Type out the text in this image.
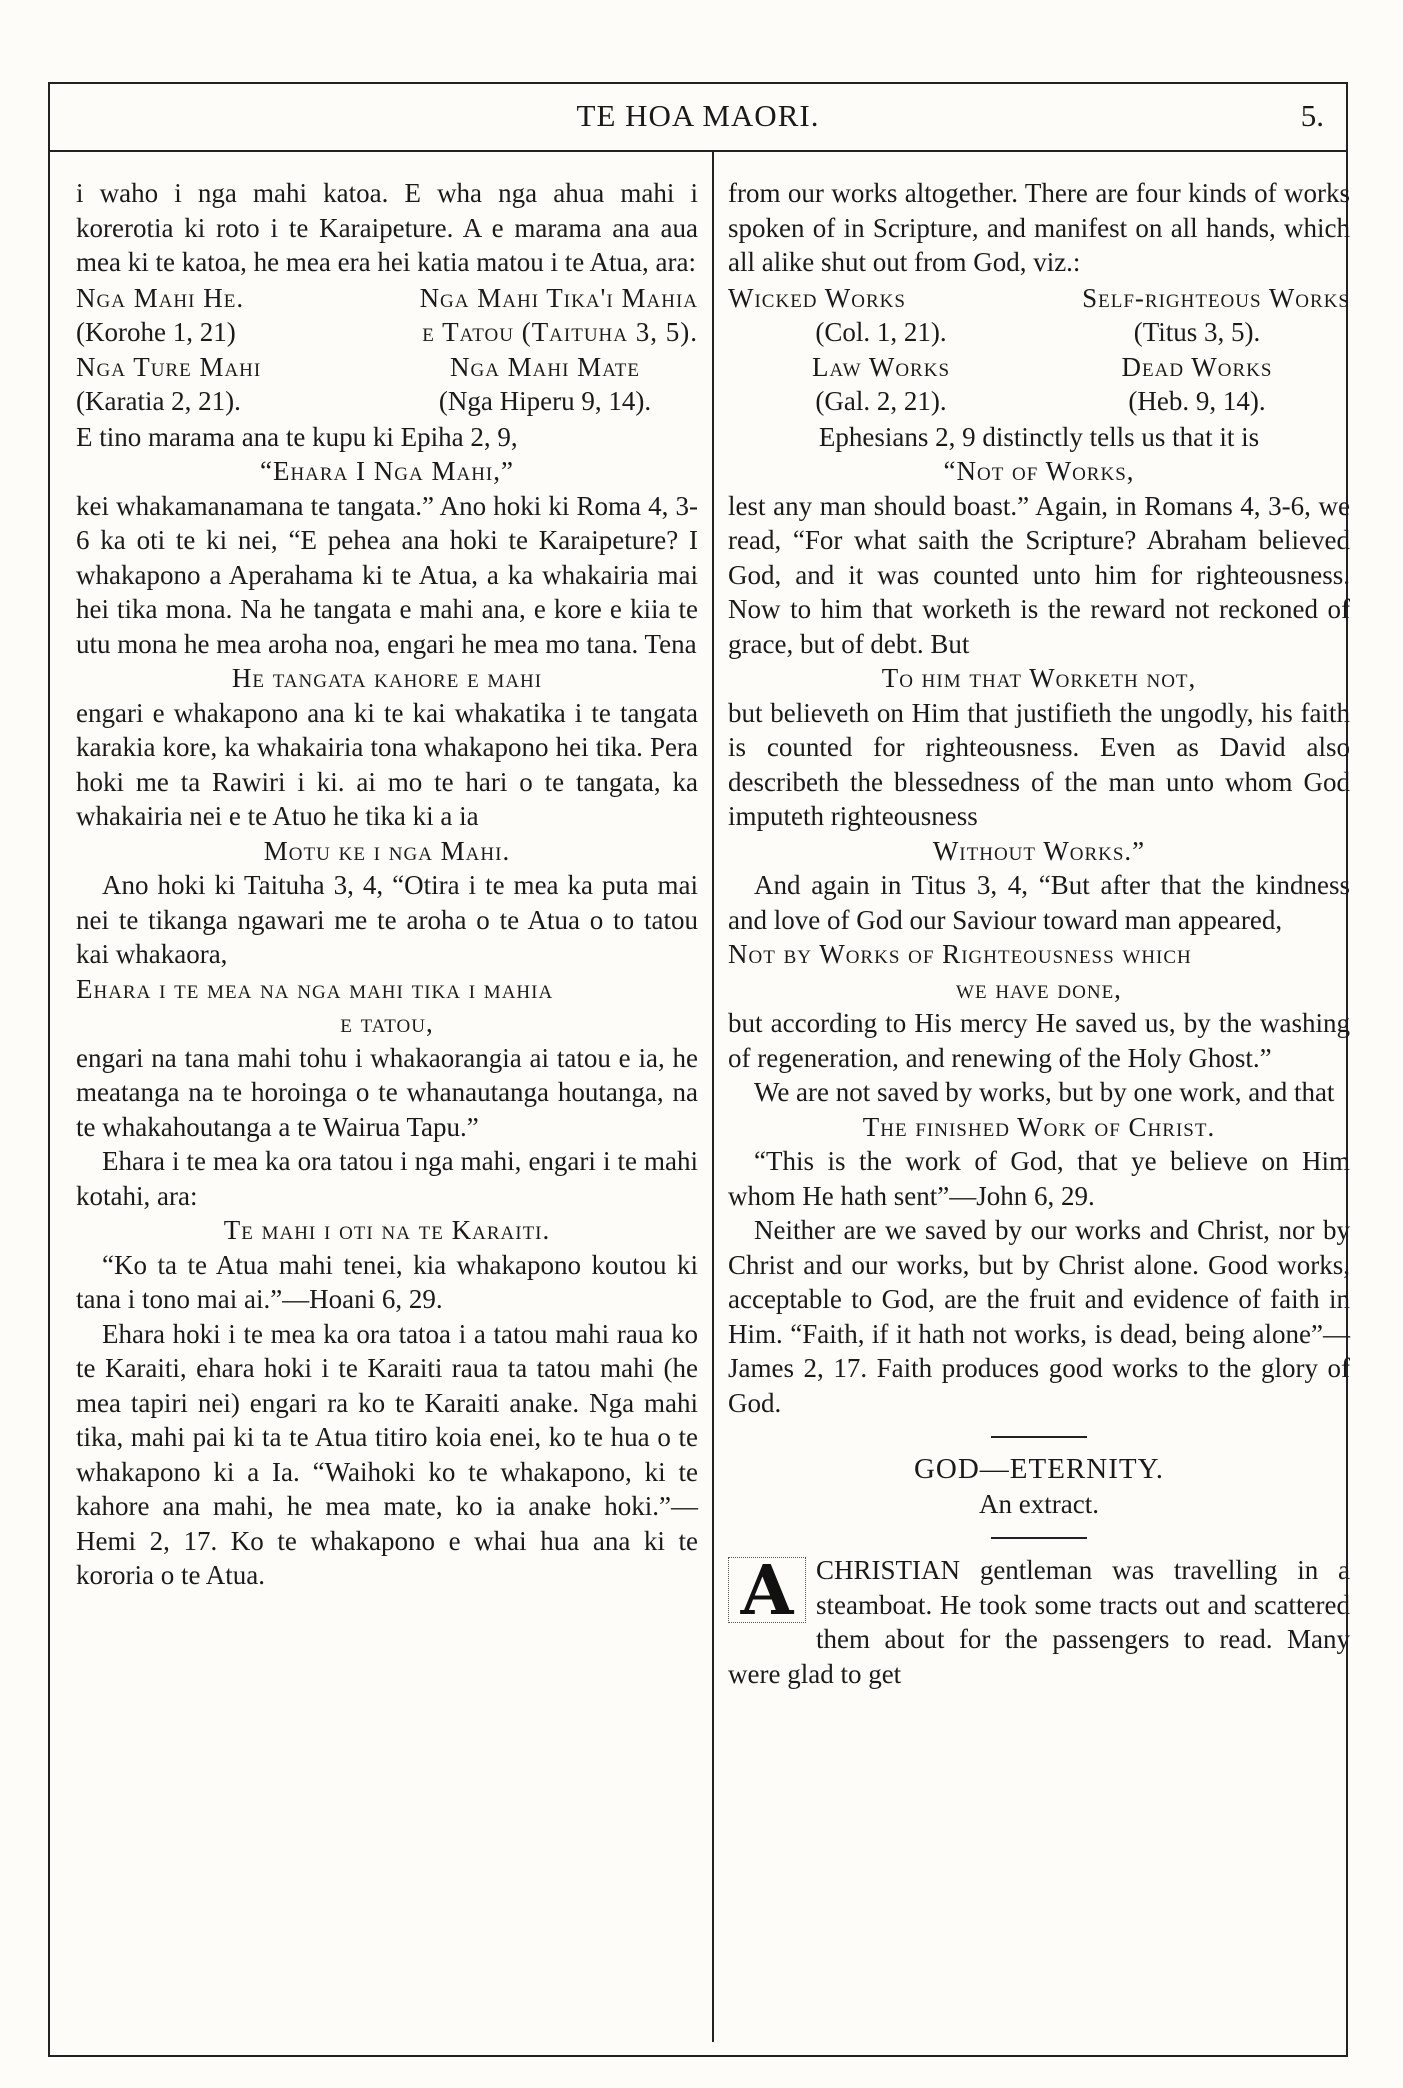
TE HOA MAORI.	5.

i waho i nga mahi katoa. E wha nga ahua mahi i korerotia ki roto i te Karaipeture. A e marama ana aua mea ki te katoa, he mea era hei katia matou i te Atua, ara:

Nga Mahi He.	Nga Mahi Tika'i Mahia
(Korohe 1, 21)	e Tatou (Taituha 3, 5).
Nga Ture Mahi	Nga Mahi Mate
(Karatia 2, 21).	(Nga Hiperu 9, 14).

E tino marama ana te kupu ki Epiha 2, 9,

“Ehara I Nga Mahi,”

kei whakamanamana te tangata.” Ano hoki ki Roma 4, 3-6 ka oti te ki nei, “E pehea ana hoki te Karaipeture? I whakapono a Aperahama ki te Atua, a ka whakairia mai hei tika mona. Na he tangata e mahi ana, e kore e kiia te utu mona he mea aroha noa, engari he mea mo tana. Tena

He tangata kahore e mahi

engari e whakapono ana ki te kai whakatika i te tangata karakia kore, ka whakairia tona whakapono hei tika. Pera hoki me ta Rawiri i ki. ai mo te hari o te tangata, ka whakairia nei e te Atuo he tika ki a ia

Motu ke i nga Mahi.

Ano hoki ki Taituha 3, 4, “Otira i te mea ka puta mai nei te tikanga ngawari me te aroha o te Atua o to tatou kai whakaora,

Ehara i te mea na nga mahi tika i mahia

e tatou,

engari na tana mahi tohu i whakaorangia ai tatou e ia, he meatanga na te horoinga o te whanautanga houtanga, na te whakahoutanga a te Wairua Tapu.”

Ehara i te mea ka ora tatou i nga mahi, engari i te mahi kotahi, ara:

Te mahi i oti na te Karaiti.

“Ko ta te Atua mahi tenei, kia whakapono koutou ki tana i tono mai ai.”—Hoani 6, 29.

Ehara hoki i te mea ka ora tatoa i a tatou mahi raua ko te Karaiti, ehara hoki i te Karaiti raua ta tatou mahi (he mea tapiri nei) engari ra ko te Karaiti anake. Nga mahi tika, mahi pai ki ta te Atua titiro koia enei, ko te hua o te whakapono ki a Ia. “Waihoki ko te whakapono, ki te kahore ana mahi, he mea mate, ko ia anake hoki.”—Hemi 2, 17. Ko te whakapono e whai hua ana ki te kororia o te Atua.

from our works altogether. There are four kinds of works spoken of in Scripture, and manifest on all hands, which all alike shut out from God, viz.:

Wicked Works	Self-righteous Works
(Col. 1, 21).	(Titus 3, 5).
Law Works	Dead Works
(Gal. 2, 21).	(Heb. 9, 14).

Ephesians 2, 9 distinctly tells us that it is

“Not of Works,

lest any man should boast.” Again, in Romans 4, 3-6, we read, “For what saith the Scripture? Abraham believed God, and it was counted unto him for righteousness. Now to him that worketh is the reward not reckoned of grace, but of debt. But

To him that Worketh not,

but believeth on Him that justifieth the ungodly, his faith is counted for righteousness. Even as David also describeth the blessedness of the man unto whom God imputeth righteousness

Without Works.”

And again in Titus 3, 4, “But after that the kindness and love of God our Saviour toward man appeared,

Not by Works of Righteousness which

we have done,

but according to His mercy He saved us, by the washing of regeneration, and renewing of the Holy Ghost.”

We are not saved by works, but by one work, and that

The finished Work of Christ.

“This is the work of God, that ye believe on Him whom He hath sent”—John 6, 29.

Neither are we saved by our works and Christ, nor by Christ and our works, but by Christ alone. Good works, acceptable to God, are the fruit and evidence of faith in Him. “Faith, if it hath not works, is dead, being alone”—James 2, 17. Faith produces good works to the glory of God.

GOD—ETERNITY.

An extract.

A CHRISTIAN gentleman was travelling in a steamboat. He took some tracts out and scattered them about for the passengers to read. Many were glad to get
